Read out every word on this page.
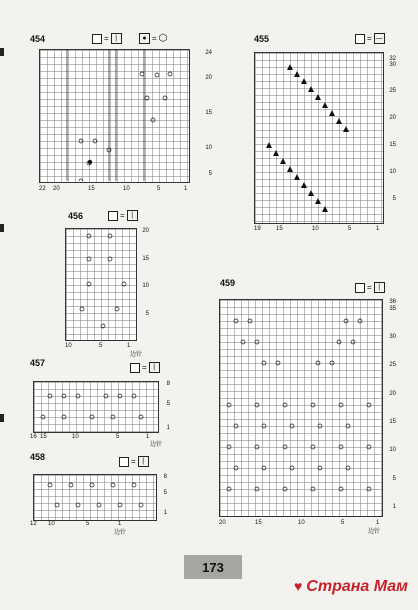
454	= |	● = ⬡
24
20
15
10
5
22 20	15	10	5	1
455	= —
32
30
25
20
15
10
5
19	15	10	5	1
456	= |
20
15
10
5
10	5	1
边针
457	= |
8
5
1
16 15	10	5	1
边针
458	= |
8
5
1
12 10	5	1
边针
459	= |
36
35
30
25
20
15
10
5
1
20	15	10	5	1
边针
173
♥ Страна Мам
